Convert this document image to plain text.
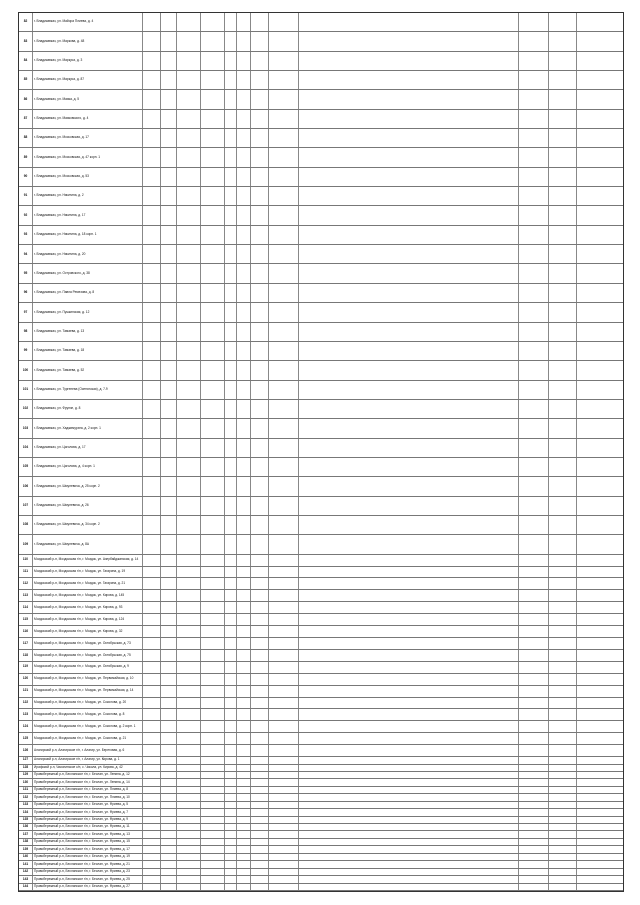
82	г. Владикавказ, ул. Майора Плиева, д. 4
83	г. Владикавказ, ул. Маркова, д. 48
84	г. Владикавказ, ул. Маркуса, д. 3
85	г. Владикавказ, ул. Маркуса, д. 87
86	г. Владикавказ, ул. Маяка, д. 5
87	г. Владикавказ, ул. Маяковского, д. 4
88	г. Владикавказ, ул. Московская, д. 17
89	г. Владикавказ, ул. Московская, д. 47 корп. 1
90	г. Владикавказ, ул. Московская, д. 53
91	г. Владикавказ, ул. Никитина, д. 2
92	г. Владикавказ, ул. Никитина, д. 17
93	г. Владикавказ, ул. Никитина, д. 18 корп. 1
94	г. Владикавказ, ул. Никитина, д. 20
95	г. Владикавказ, ул. Островского, д. 38
96	г. Владикавказ, ул. Павла Ремезова, д. 8
97	г. Владикавказ, ул. Пушкинская, д. 12
98	г. Владикавказ, ул. Тамаева, д. 13
99	г. Владикавказ, ул. Тамаева, д. 18
100	г. Владикавказ, ул. Тамаева, д. 52
101	г. Владикавказ, ул. Тургенева (Осетинская), д. 7-9
102	г. Владикавказ, ул. Фрунзе, д. 8
103	г. Владикавказ, ул. Хаджимурата, д. 2 корп. 1
104	г. Владикавказ, ул. Цаголова, д. 17
105	г. Владикавказ, ул. Цаголова, д. 4 корп. 1
106	г. Владикавказ, ул. Шмулевича, д. 25 корп. 2
107	г. Владикавказ, ул. Шмулевича, д. 26
108	г. Владикавказ, ул. Шмулевича, д. 34 корп. 2
109	г. Владикавказ, ул. Шмулевича, д. 8А
110	Моздокский р-н, Моздокская г/п, г. Моздок, ул. Азербайджанская, д. 14
111	Моздокский р-н, Моздокская г/п, г. Моздок, ул. Гагарина, д. 19
112	Моздокский р-н, Моздокская г/п, г. Моздок, ул. Гагарина, д. 21
113	Моздокский р-н, Моздокская г/п, г. Моздок, ул. Кирова, д. 145
114	Моздокский р-н, Моздокская г/п, г. Моздок, ул. Кирова, д. 93
115	Моздокский р-н, Моздокская г/п, г. Моздок, ул. Кирова, д. 124
116	Моздокский р-н, Моздокская г/п, г. Моздок, ул. Кирова, д. 32
117	Моздокский р-н, Моздокская г/п, г. Моздок, ул. Октябрьская, д. 73
118	Моздокский р-н, Моздокская г/п, г. Моздок, ул. Октябрьская, д. 75
119	Моздокский р-н, Моздокская г/п, г. Моздок, ул. Октябрьская, д. 9
120	Моздокский р-н, Моздокская г/п, г. Моздок, ул. Первомайская, д. 10
121	Моздокский р-н, Моздокская г/п, г. Моздок, ул. Первомайская, д. 14
122	Моздокский р-н, Моздокская г/п, г. Моздок, ул. Соколова, д. 20
123	Моздокский р-н, Моздокская г/п, г. Моздок, ул. Соколова, д. 8
124	Моздокский р-н, Моздокская г/п, г. Моздок, ул. Соколова, д. 2 корп. 1
125	Моздокский р-н, Моздокская г/п, г. Моздок, ул. Соколова, д. 21
126	Алагирский р-н, Алагирское г/п, г. Алагир, ул. Береговая, д. 6
127	Алагирский р-н, Алагирское г/п, г. Алагир, ул. Кирова, д. 1
128	Ирафский р-н, Чиколинское с/п, с. Чикола, ул. Кирова, д. 42
129	Правобережный р-н, Бесланское г/п, г. Беслан, ул. Ленина, д. 12
130	Правобережный р-н, Бесланское г/п, г. Беслан, ул. Ленина, д. 14
131	Правобережный р-н, Бесланское г/п, г. Беслан, ул. Плиева, д. 8
132	Правобережный р-н, Бесланское г/п, г. Беслан, ул. Плиева, д. 10
133	Правобережный р-н, Бесланское г/п, г. Беслан, ул. Фриева, д. 5
134	Правобережный р-н, Бесланское г/п, г. Беслан, ул. Фриева, д. 7
135	Правобережный р-н, Бесланское г/п, г. Беслан, ул. Фриева, д. 9
136	Правобережный р-н, Бесланское г/п, г. Беслан, ул. Фриева, д. 11
137	Правобережный р-н, Бесланское г/п, г. Беслан, ул. Фриева, д. 13
138	Правобережный р-н, Бесланское г/п, г. Беслан, ул. Фриева, д. 15
139	Правобережный р-н, Бесланское г/п, г. Беслан, ул. Фриева, д. 17
140	Правобережный р-н, Бесланское г/п, г. Беслан, ул. Фриева, д. 19
141	Правобережный р-н, Бесланское г/п, г. Беслан, ул. Фриева, д. 21
142	Правобережный р-н, Бесланское г/п, г. Беслан, ул. Фриева, д. 23
143	Правобережный р-н, Бесланское г/п, г. Беслан, ул. Фриева, д. 25
144	Правобережный р-н, Бесланское г/п, г. Беслан, ул. Фриева, д. 27
